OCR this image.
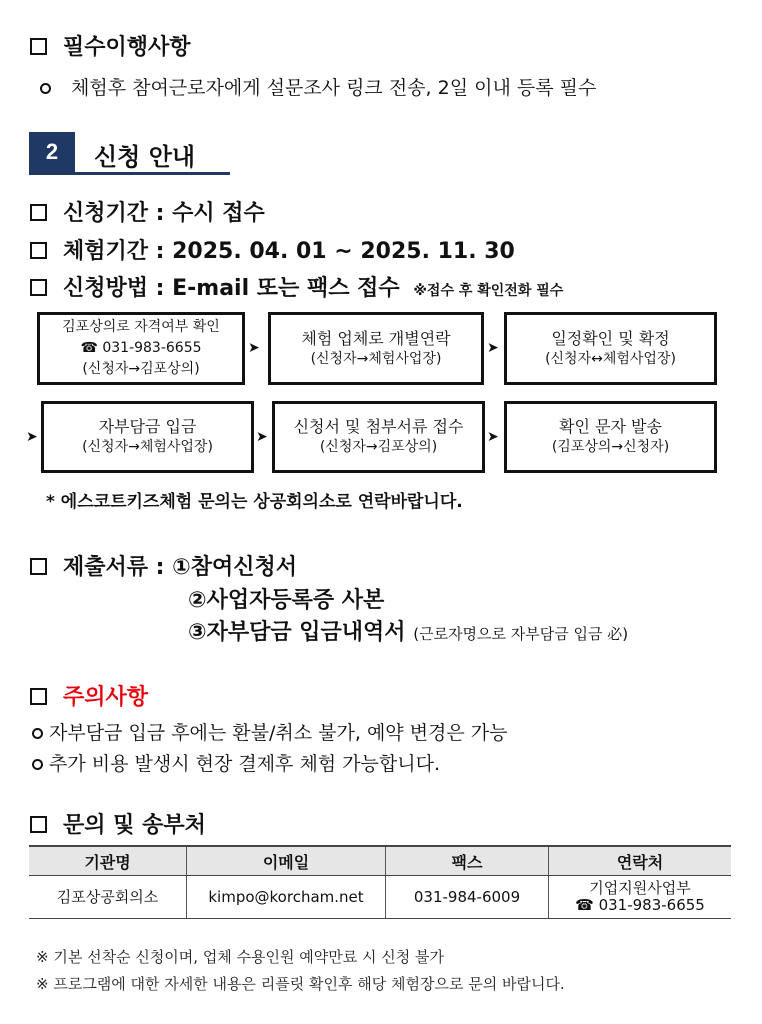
필수이행사항
체험후 참여근로자에게 설문조사 링크 전송, 2일 이내 등록 필수
2	신청 안내
신청기간 : 수시 접수
체험기간 : 2025. 04. 01 ~ 2025. 11. 30
신청방법 : E-mail 또는 팩스 접수 ※접수 후 확인전화 필수
김포상의로 자격여부 확인
☎ 031-983-6655
(신청자→김포상의)
➤
체험 업체로 개별연락
(신청자→체험사업장)
➤
일정확인 및 확정
(신청자↔체험사업장)
➤
자부담금 입금
(신청자→체험사업장)
➤
신청서 및 첨부서류 접수
(신청자→김포상의)
➤
확인 문자 발송
(김포상의→신청자)
* 에스코트키즈체험 문의는 상공회의소로 연락바랍니다.
제출서류 : ①참여신청서
②사업자등록증 사본
③자부담금 입금내역서 (근로자명으로 자부담금 입금 必)
주의사항
자부담금 입금 후에는 환불/취소 불가, 예약 변경은 가능
추가 비용 발생시 현장 결제후 체험 가능합니다.
문의 및 송부처
기관명	이메일	팩스	연락처
김포상공회의소	kimpo@korcham.net	031-984-6009	기업지원사업부
☎ 031-983-6655
※ 기본 선착순 신청이며, 업체 수용인원 예약만료 시 신청 불가
※ 프로그램에 대한 자세한 내용은 리플릿 확인후 해당 체험장으로 문의 바랍니다.
